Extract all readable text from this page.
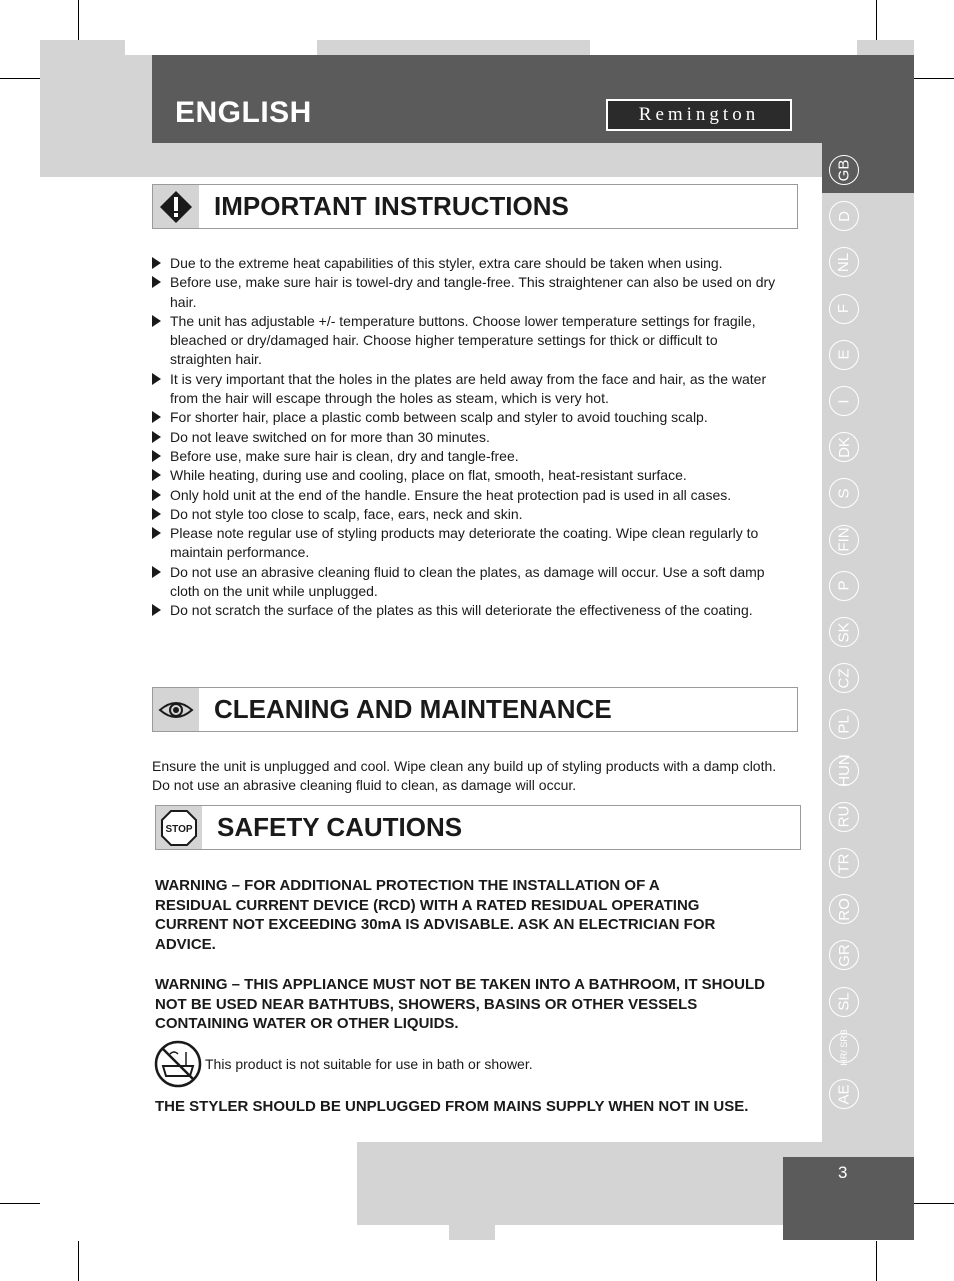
ENGLISH	Remington
GB
D
NL
F
E
I
DK
S
FIN
P
SK
CZ
PL
HUN
RU
TR
RO
GR
SL
HR/ SRB
AE
IMPORTANT INSTRUCTIONS
Due to the extreme heat capabilities of this styler, extra care should be taken when using.
Before use, make sure hair is towel-dry and tangle-free. This straightener can also be used on dry hair.
The unit has adjustable +/- temperature buttons. Choose lower temperature settings for fragile, bleached or dry/damaged hair. Choose higher temperature settings for thick or difficult to straighten hair.
It is very important that the holes in the plates are held away from the face and hair, as the water from the hair will escape through the holes as steam, which is very hot.
For shorter hair, place a plastic comb between scalp and styler to avoid touching scalp.
Do not leave switched on for more than 30 minutes.
Before use, make sure hair is clean, dry and tangle-free.
While heating, during use and cooling, place on flat, smooth, heat-resistant surface.
Only hold unit at the end of the handle. Ensure the heat protection pad is used in all cases.
Do not style too close to scalp, face, ears, neck and skin.
Please note regular use of styling products may deteriorate the coating. Wipe clean regularly to maintain performance.
Do not use an abrasive cleaning fluid to clean the plates, as damage will occur. Use a soft damp cloth on the unit while unplugged.
Do not scratch the surface of the plates as this will deteriorate the effectiveness of the coating.
CLEANING AND MAINTENANCE
Ensure the unit is unplugged and cool. Wipe clean any build up of styling products with a damp cloth. Do not use an abrasive cleaning fluid to clean, as damage will occur.
STOP SAFETY CAUTIONS
WARNING – FOR ADDITIONAL PROTECTION THE INSTALLATION OF A RESIDUAL CURRENT DEVICE (RCD) WITH A RATED RESIDUAL OPERATING CURRENT NOT EXCEEDING 30mA IS ADVISABLE. ASK AN ELECTRICIAN FOR ADVICE.
WARNING – THIS APPLIANCE MUST NOT BE TAKEN INTO A BATHROOM, IT SHOULD NOT BE USED NEAR BATHTUBS, SHOWERS, BASINS OR OTHER VESSELS CONTAINING WATER OR OTHER LIQUIDS.
This product is not suitable for use in bath or shower.
THE STYLER SHOULD BE UNPLUGGED FROM MAINS SUPPLY WHEN NOT IN USE.
3
